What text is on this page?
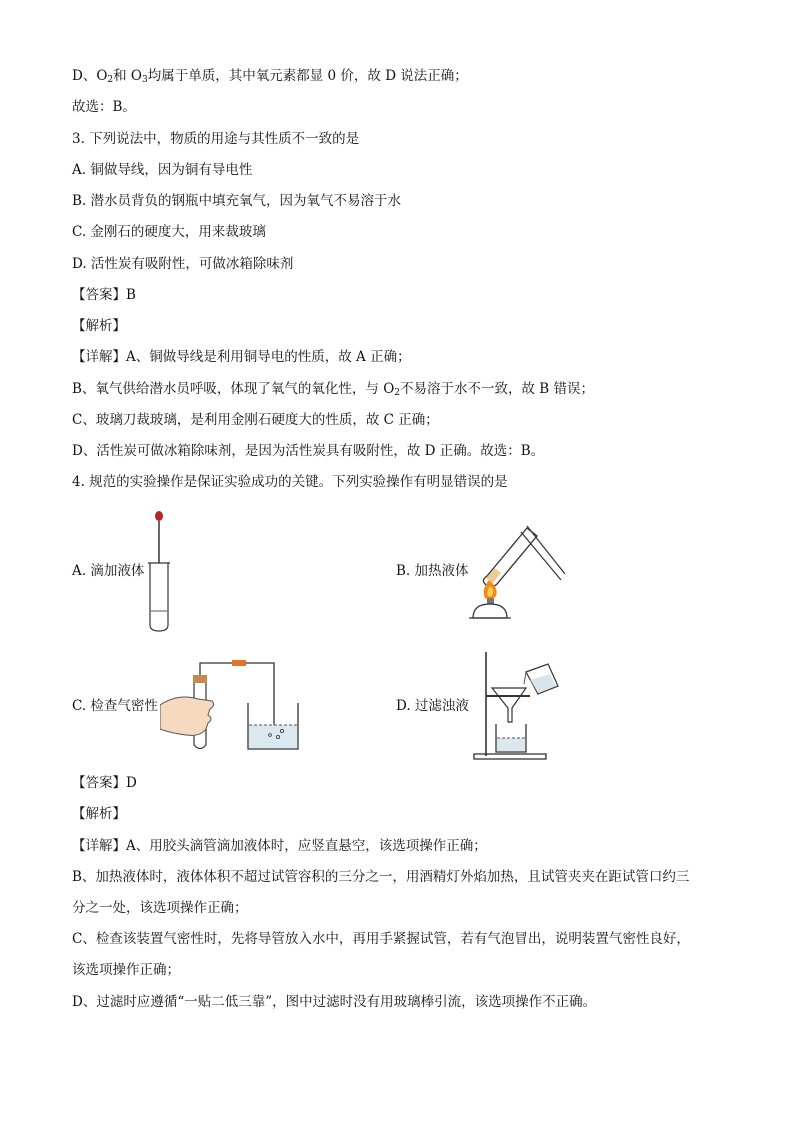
D、$O_2$和 $O_3$均属于单质，其中氧元素都显 0 价，故 D 说法正确；
故选：B。
3. 下列说法中，物质的用途与其性质不一致的是
A. 铜做导线，因为铜有导电性
B. 潜水员背负的钢瓶中填充氧气，因为氧气不易溶于水
C. 金刚石的硬度大，用来裁玻璃
D. 活性炭有吸附性，可做冰箱除味剂
【答案】B
【解析】
【详解】A、铜做导线是利用铜导电的性质，故 A 正确；
B、氧气供给潜水员呼吸，体现了氧气的氧化性，与 $O_2$不易溶于水不一致，故 B 错误；
C、玻璃刀裁玻璃，是利用金刚石硬度大的性质，故 C 正确；
D、活性炭可做冰箱除味剂，是因为活性炭具有吸附性，故 D 正确。故选：B。
4. 规范的实验操作是保证实验成功的关键。下列实验操作有明显错误的是
A. 滴加液体	B. 加热液体
C. 检查气密性	D. 过滤浊液
【答案】D
【解析】
【详解】A、用胶头滴管滴加液体时，应竖直悬空，该选项操作正确；
B、加热液体时，液体体积不超过试管容积的三分之一，用酒精灯外焰加热，且试管夹夹在距试管口约三
分之一处，该选项操作正确；
C、检查该装置气密性时，先将导管放入水中，再用手紧握试管，若有气泡冒出，说明装置气密性良好，
该选项操作正确；
D、过滤时应遵循“一贴二低三靠”，图中过滤时没有用玻璃棒引流，该选项操作不正确。
